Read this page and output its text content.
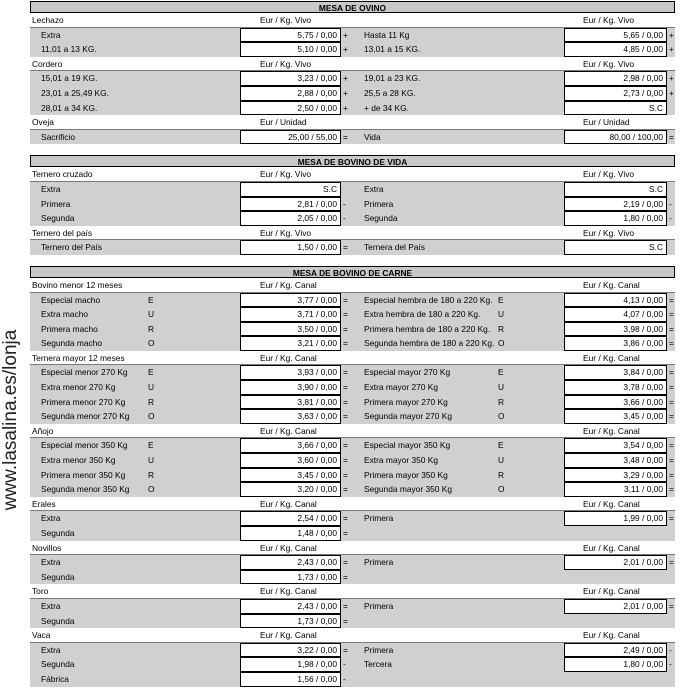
www.lasalina.es/lonja
MESA DE OVINO
Lechazo	Eur / Kg. Vivo	Eur / Kg. Vivo
Extra	5,75 / 0,00 + Hasta 11 Kg	5,65 / 0,00 +
11,01 a 13 KG.	5,10 / 0,00 + 13,01 a 15 KG.	4,85 / 0,00 +
Cordero	Eur / Kg. Vivo	Eur / Kg. Vivo
15,01 a 19 KG.	3,23 / 0,00 + 19,01 a 23 KG.	2,98 / 0,00 +
23,01 a 25,49 KG.	2,88 / 0,00 + 25,5 a 28 KG.	2,73 / 0,00 +
28,01 a 34 KG.	2,50 / 0,00 + + de 34 KG.	S.C
Oveja	Eur / Unidad	Eur / Unidad
Sacrificio	25,00 / 55,00 = Vida	80,00 / 100,00 =
MESA DE BOVINO DE VIDA
Ternero cruzado	Eur / Kg. Vivo	Eur / Kg. Vivo
Extra	S.C	Extra	S.C
Primera	2,81 / 0,00 - Primera	2,19 / 0,00 -
Segunda	2,05 / 0,00 - Segunda	1,80 / 0,00 -
Ternero del país	Eur / Kg. Vivo	Eur / Kg. Vivo
Ternero del País	1,50 / 0,00 = Ternera del País	S.C
MESA DE BOVINO DE CARNE
Bovino menor 12 meses	Eur / Kg. Canal	Eur / Kg. Canal
Especial macho	E	3,77 / 0,00 = Especial hembra de 180 a 220 Kg. E	4,13 / 0,00 =
Extra macho	U	3,71 / 0,00 = Extra hembra de 180 a 220 Kg. U	4,07 / 0,00 =
Primera macho	R	3,50 / 0,00 = Primera hembra de 180 a 220 Kg. R	3,98 / 0,00 =
Segunda macho	O	3,21 / 0,00 = Segunda hembra de 180 a 220 Kg. O	3,86 / 0,00 =
Ternera mayor 12 meses	Eur / Kg. Canal	Eur / Kg. Canal
Especial menor 270 Kg E	3,93 / 0,00 = Especial mayor 270 Kg	E	3,84 / 0,00 =
Extra menor 270 Kg	U	3,90 / 0,00 = Extra mayor 270 Kg	U	3,78 / 0,00 =
Primera menor 270 Kg	R	3,81 / 0,00 = Primera mayor 270 Kg	R	3,66 / 0,00 =
Segunda menor 270 Kg O	3,63 / 0,00 = Segunda mayor 270 Kg	O	3,45 / 0,00 =
Añojo	Eur / Kg. Canal	Eur / Kg. Canal
Especial menor 350 Kg E	3,66 / 0,00 = Especial mayor 350 Kg	E	3,54 / 0,00 =
Extra menor 350 Kg	U	3,60 / 0,00 = Extra mayor 350 Kg	U	3,48 / 0,00 =
Primera menor 350 Kg	R	3,45 / 0,00 = Primera mayor 350 Kg	R	3,29 / 0,00 =
Segunda menor 350 Kg O	3,20 / 0,00 = Segunda mayor 350 Kg	O	3,11 / 0,00 =
Erales	Eur / Kg. Canal	Eur / Kg. Canal
Extra	2,54 / 0,00 = Primera	1,99 / 0,00 =
Segunda	1,48 / 0,00 =
Novillos	Eur / Kg. Canal	Eur / Kg. Canal
Extra	2,43 / 0,00 = Primera	2,01 / 0,00 =
Segunda	1,73 / 0,00 =
Toro	Eur / Kg. Canal	Eur / Kg. Canal
Extra	2,43 / 0,00 = Primera	2,01 / 0,00 =
Segunda	1,73 / 0,00 =
Vaca	Eur / Kg. Canal	Eur / Kg. Canal
Extra	3,22 / 0,00 = Primera	2,49 / 0,00 -
Segunda	1,98 / 0,00 - Tercera	1,80 / 0,00 -
Fábrica	1,56 / 0,00 -
